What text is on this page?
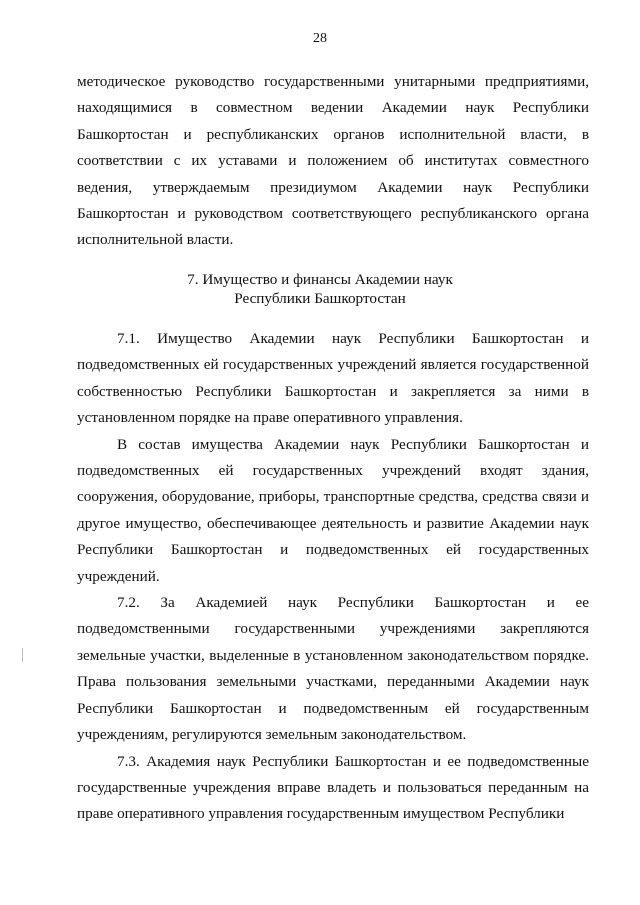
28

методическое руководство государственными унитарными предприятиями, находящимися в совместном ведении Академии наук Республики Башкортостан и республиканских органов исполнительной власти, в соответствии с их уставами и положением об институтах совместного ведения, утверждаемым президиумом Академии наук Республики Башкортостан и руководством соответствующего республиканского органа исполнительной власти.

7. Имущество и финансы Академии наук
Республики Башкортостан

7.1. Имущество Академии наук Республики Башкортостан и подведомственных ей государственных учреждений является государственной собственностью Республики Башкортостан и закрепляется за ними в установленном порядке на праве оперативного управления.

В состав имущества Академии наук Республики Башкортостан и подведомственных ей государственных учреждений входят здания, сооружения, оборудование, приборы, транспортные средства, средства связи и другое имущество, обеспечивающее деятельность и развитие Академии наук Республики Башкортостан и подведомственных ей государственных учреждений.

7.2. За Академией наук Республики Башкортостан и ее подведомственными государственными учреждениями закрепляются земельные участки, выделенные в установленном законодательством порядке. Права пользования земельными участками, переданными Академии наук Республики Башкортостан и подведомственным ей государственным учреждениям, регулируются земельным законодательством.

7.3. Академия наук Республики Башкортостан и ее подведомственные государственные учреждения вправе владеть и пользоваться переданным на праве оперативного управления государственным имуществом Республики
